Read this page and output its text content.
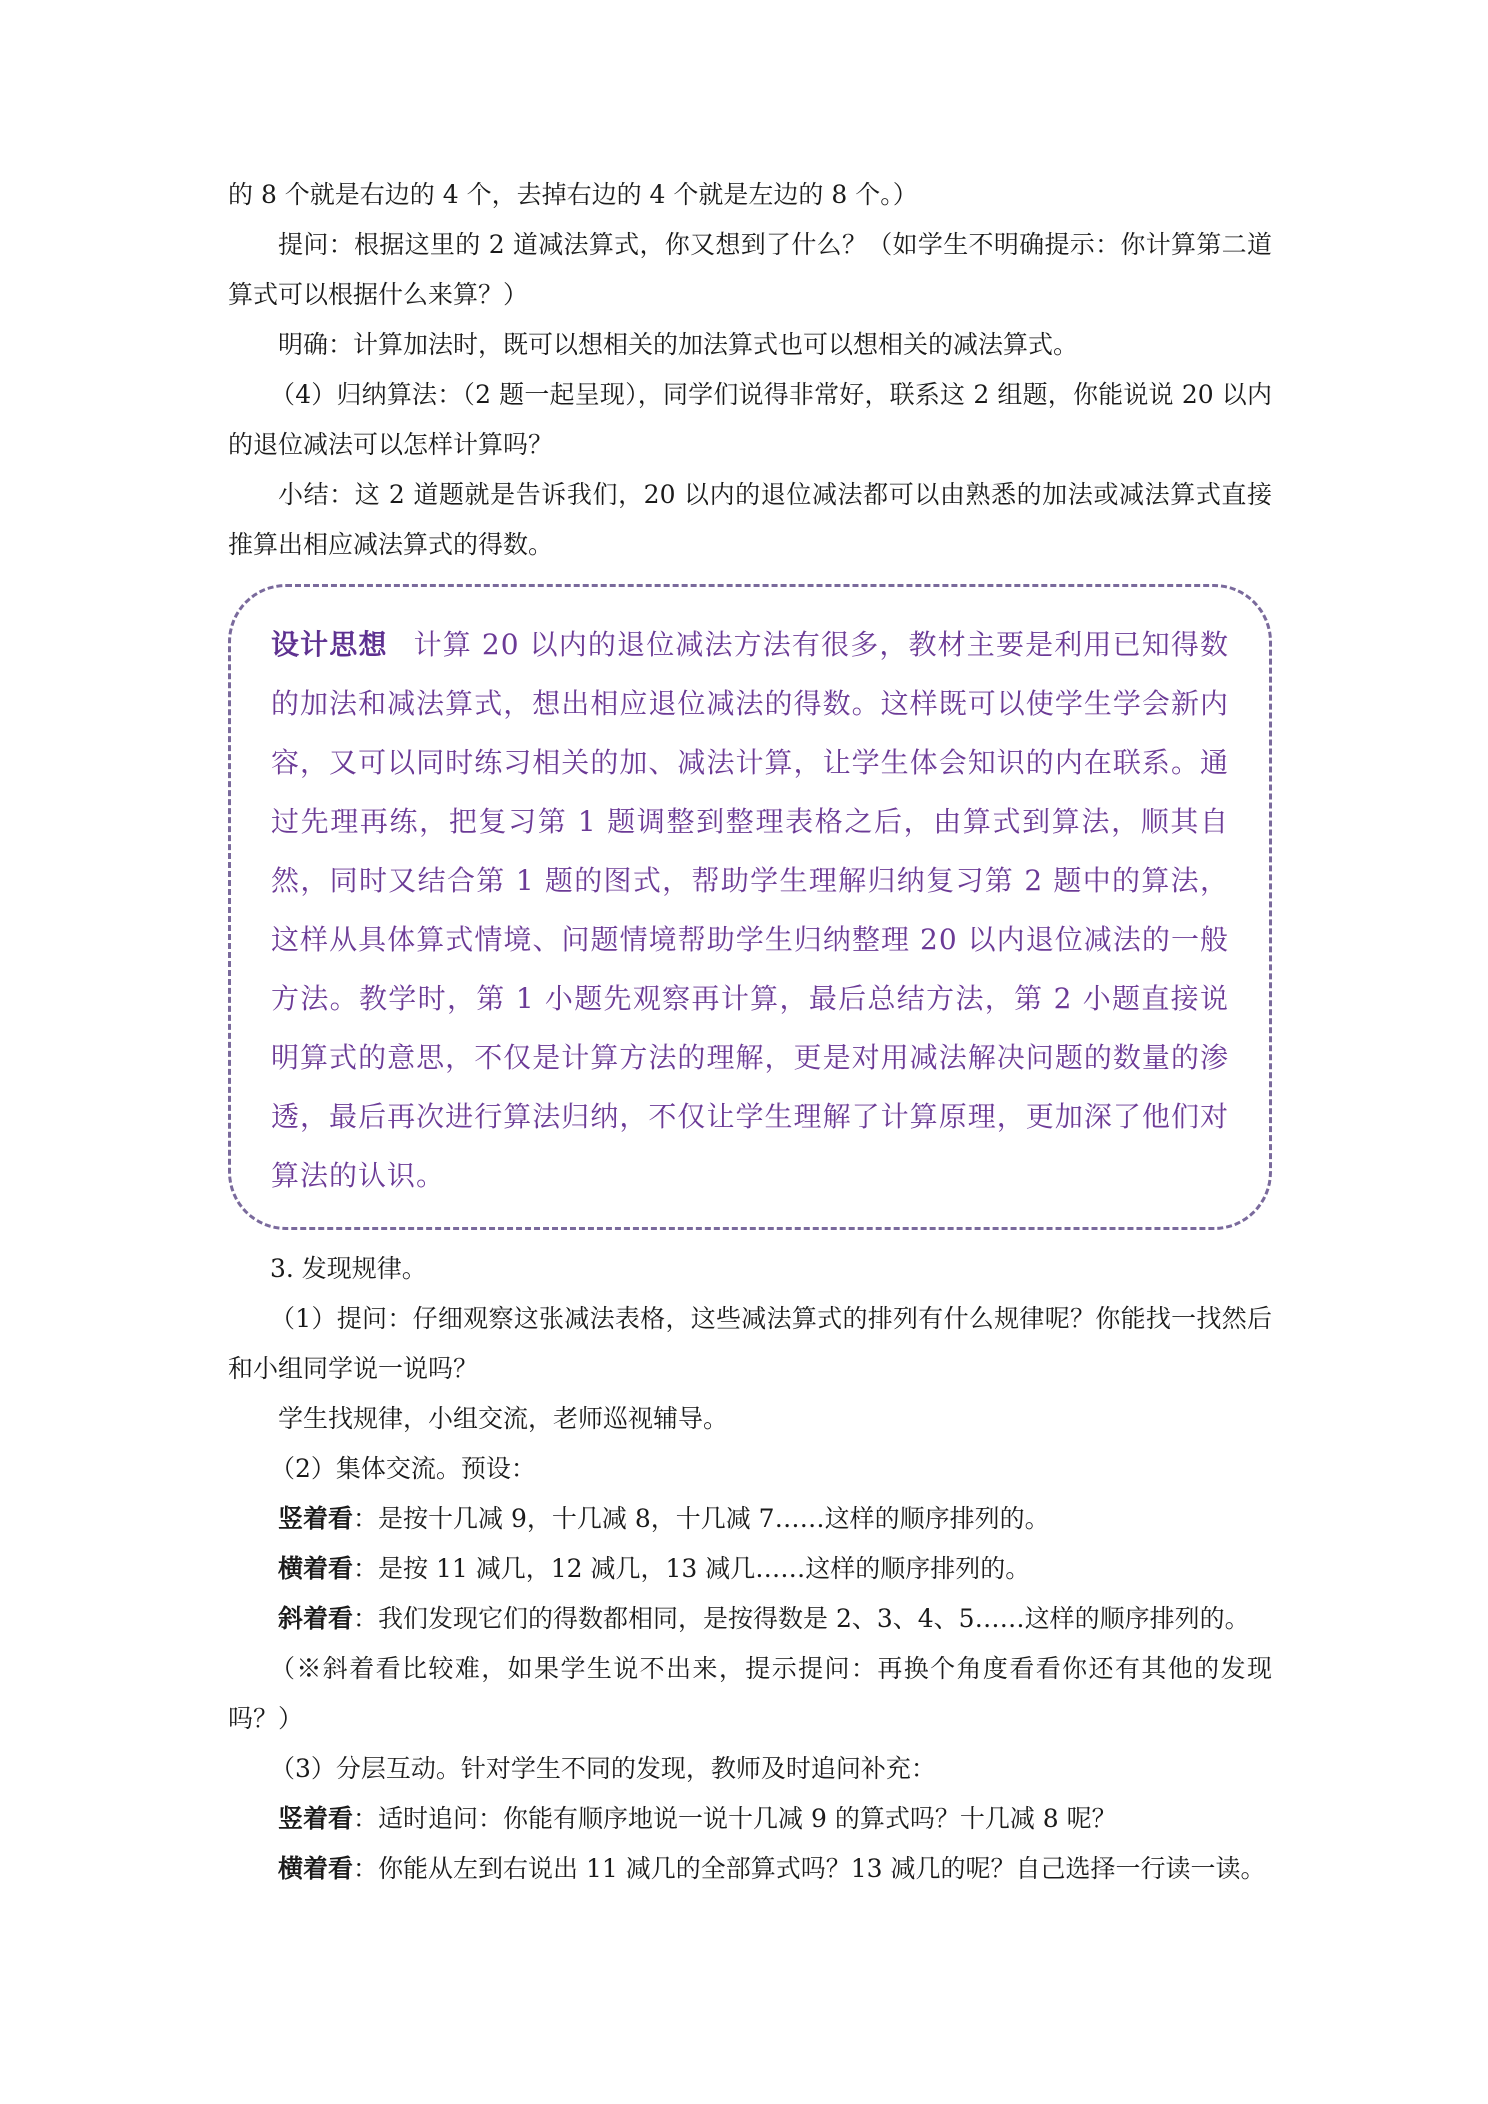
的 8 个就是右边的 4 个，去掉右边的 4 个就是左边的 8 个。）

提问：根据这里的 2 道减法算式，你又想到了什么？（如学生不明确提示：你计算第二道算式可以根据什么来算？）

明确：计算加法时，既可以想相关的加法算式也可以想相关的减法算式。

（4）归纳算法：（2 题一起呈现），同学们说得非常好，联系这 2 组题，你能说说 20 以内的退位减法可以怎样计算吗？

小结：这 2 道题就是告诉我们，20 以内的退位减法都可以由熟悉的加法或减法算式直接推算出相应减法算式的得数。

设计思想 计算 20 以内的退位减法方法有很多，教材主要是利用已知得数的加法和减法算式，想出相应退位减法的得数。这样既可以使学生学会新内容，又可以同时练习相关的加、减法计算，让学生体会知识的内在联系。通过先理再练，把复习第 1 题调整到整理表格之后，由算式到算法，顺其自然，同时又结合第 1 题的图式，帮助学生理解归纳复习第 2 题中的算法，这样从具体算式情境、问题情境帮助学生归纳整理 20 以内退位减法的一般方法。教学时，第 1 小题先观察再计算，最后总结方法，第 2 小题直接说明算式的意思，不仅是计算方法的理解，更是对用减法解决问题的数量的渗透，最后再次进行算法归纳，不仅让学生理解了计算原理，更加深了他们对算法的认识。

3. 发现规律。

（1）提问：仔细观察这张减法表格，这些减法算式的排列有什么规律呢？你能找一找然后和小组同学说一说吗？

学生找规律，小组交流，老师巡视辅导。

（2）集体交流。预设：

竖着看：是按十几减 9，十几减 8，十几减 7……这样的顺序排列的。

横着看：是按 11 减几，12 减几，13 减几……这样的顺序排列的。

斜着看：我们发现它们的得数都相同，是按得数是 2、3、4、5……这样的顺序排列的。

（※斜着看比较难，如果学生说不出来，提示提问：再换个角度看看你还有其他的发现吗？）

（3）分层互动。针对学生不同的发现，教师及时追问补充：

竖着看：适时追问：你能有顺序地说一说十几减 9 的算式吗？十几减 8 呢？

横着看：你能从左到右说出 11 减几的全部算式吗？13 减几的呢？自己选择一行读一读。
